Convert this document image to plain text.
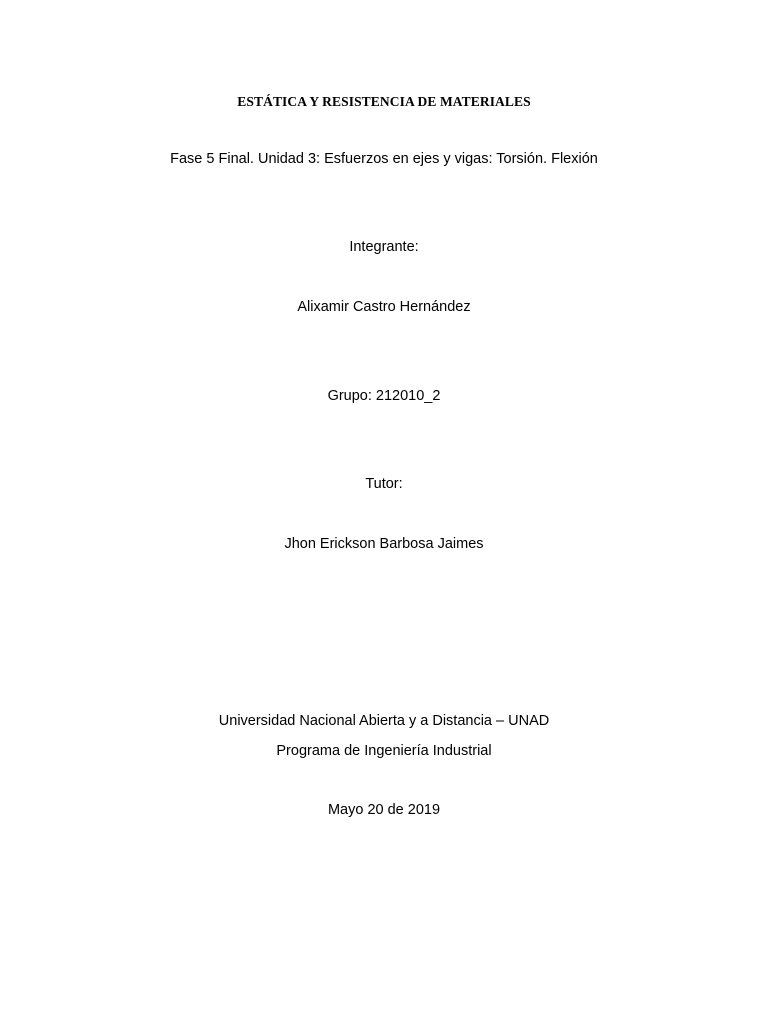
ESTÁTICA Y RESISTENCIA DE MATERIALES
Fase 5 Final. Unidad 3: Esfuerzos en ejes y vigas: Torsión. Flexión
Integrante:
Alixamir Castro Hernández
Grupo: 212010_2
Tutor:
Jhon Erickson Barbosa Jaimes
Universidad Nacional Abierta y a Distancia – UNAD
Programa de Ingeniería Industrial
Mayo 20 de 2019
